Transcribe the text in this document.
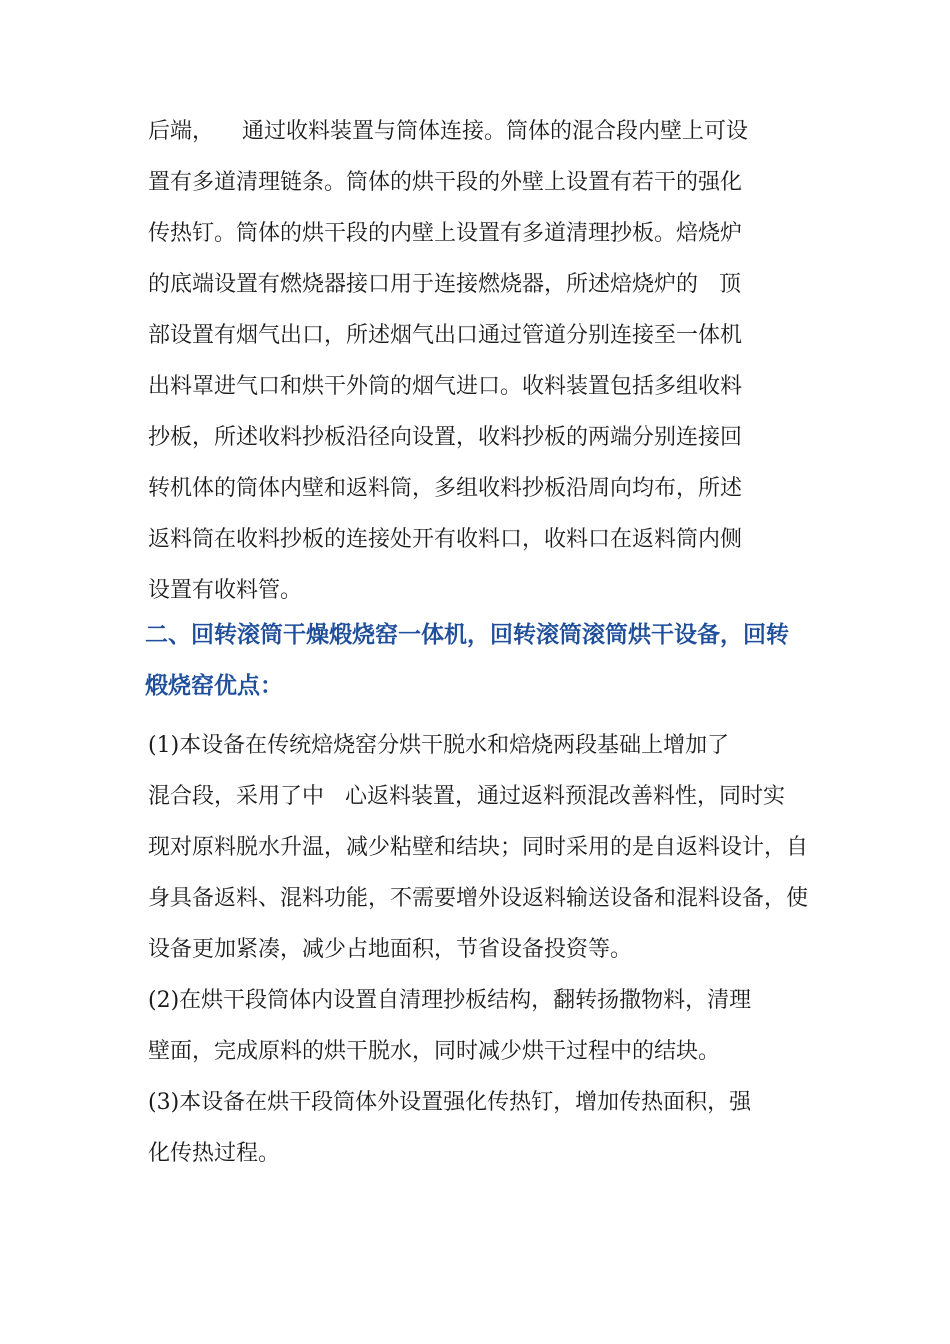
后端，    通过收料装置与筒体连接。筒体的混合段内壁上可设
置有多道清理链条。筒体的烘干段的外壁上设置有若干的强化
传热钉。筒体的烘干段的内壁上设置有多道清理抄板。焙烧炉
的底端设置有燃烧器接口用于连接燃烧器，所述焙烧炉的   顶
部设置有烟气出口，所述烟气出口通过管道分别连接至一体机
出料罩进气口和烘干外筒的烟气进口。收料装置包括多组收料
抄板，所述收料抄板沿径向设置，收料抄板的两端分别连接回
转机体的筒体内壁和返料筒，多组收料抄板沿周向均布，所述
返料筒在收料抄板的连接处开有收料口，收料口在返料筒内侧
设置有收料管。
二、回转滚筒干燥煅烧窑一体机，回转滚筒滚筒烘干设备，回转
煅烧窑优点：
(1)本设备在传统焙烧窑分烘干脱水和焙烧两段基础上增加了
混合段，采用了中   心返料装置，通过返料预混改善料性，同时实
现对原料脱水升温，减少粘壁和结块；同时采用的是自返料设计，自
身具备返料、混料功能，不需要增外设返料输送设备和混料设备，使
设备更加紧凑，减少占地面积，节省设备投资等。
(2)在烘干段筒体内设置自清理抄板结构，翻转扬撒物料，清理
壁面，完成原料的烘干脱水，同时减少烘干过程中的结块。
(3)本设备在烘干段筒体外设置强化传热钉，增加传热面积，强
化传热过程。
